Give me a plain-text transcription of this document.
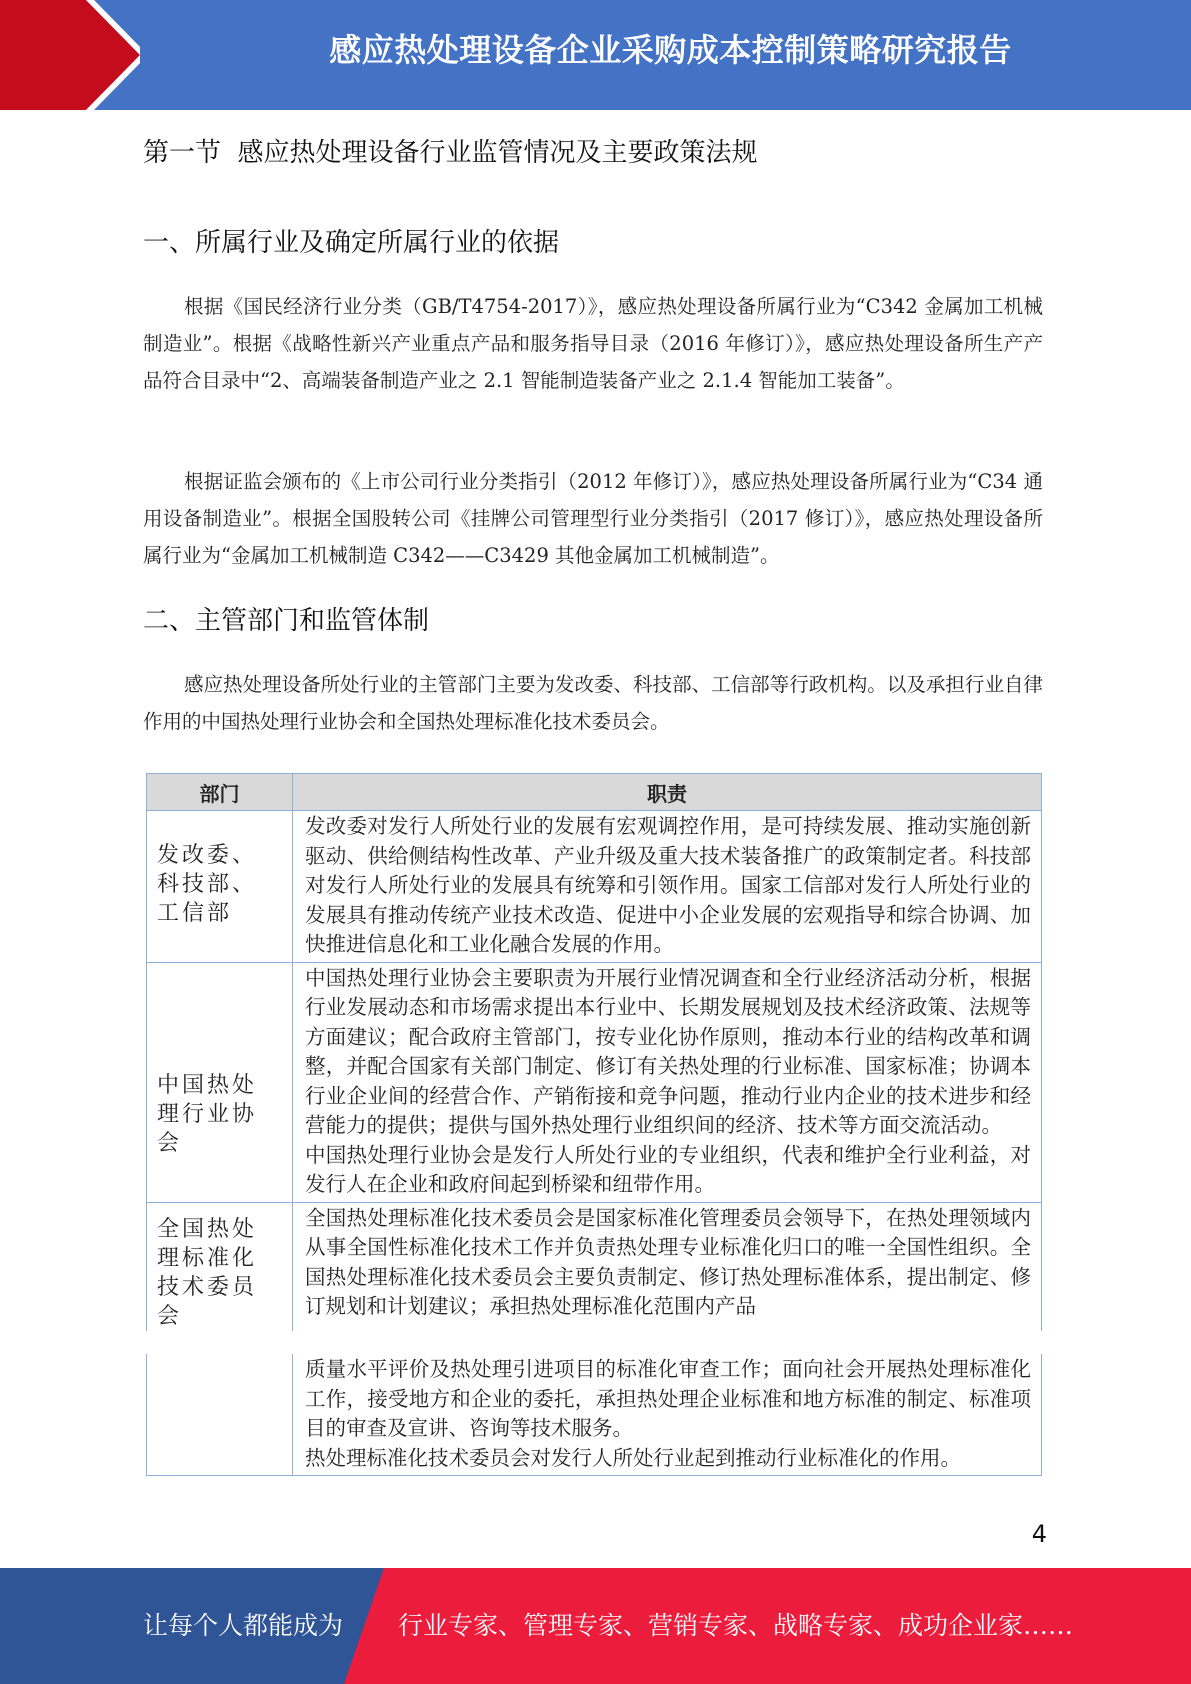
感应热处理设备企业采购成本控制策略研究报告
第一节  感应热处理设备行业监管情况及主要政策法规
一、所属行业及确定所属行业的依据

根据《国民经济行业分类（GB/T4754-2017）》，感应热处理设备所属行业为“C342 金属加工机械制造业”。根据《战略性新兴产业重点产品和服务指导目录（2016 年修订）》，感应热处理设备所生产产品符合目录中“2、高端装备制造产业之 2.1 智能制造装备产业之 2.1.4 智能加工装备”。

根据证监会颁布的《上市公司行业分类指引（2012 年修订）》，感应热处理设备所属行业为“C34 通用设备制造业”。根据全国股转公司《挂牌公司管理型行业分类指引（2017 修订）》，感应热处理设备所属行业为“金属加工机械制造 C342——C3429 其他金属加工机械制造”。

二、主管部门和监管体制

感应热处理设备所处行业的主管部门主要为发改委、科技部、工信部等行政机构。以及承担行业自律作用的中国热处理行业协会和全国热处理标准化技术委员会。

部门	职责
发改委、科技部、工信部	发改委对发行人所处行业的发展有宏观调控作用，是可持续发展、推动实施创新驱动、供给侧结构性改革、产业升级及重大技术装备推广的政策制定者。科技部对发行人所处行业的发展具有统筹和引领作用。国家工信部对发行人所处行业的发展具有推动传统产业技术改造、促进中小企业发展的宏观指导和综合协调、加快推进信息化和工业化融合发展的作用。
中国热处理行业协会	中国热处理行业协会主要职责为开展行业情况调查和全行业经济活动分析，根据行业发展动态和市场需求提出本行业中、长期发展规划及技术经济政策、法规等方面建议；配合政府主管部门，按专业化协作原则，推动本行业的结构改革和调整，并配合国家有关部门制定、修订有关热处理的行业标准、国家标准；协调本行业企业间的经营合作、产销衔接和竞争问题，推动行业内企业的技术进步和经营能力的提供；提供与国外热处理行业组织间的经济、技术等方面交流活动。
中国热处理行业协会是发行人所处行业的专业组织，代表和维护全行业利益，对发行人在企业和政府间起到桥梁和纽带作用。

全国热处理标准化技术委员会	全国热处理标准化技术委员会是国家标准化管理委员会领导下，在热处理领域内从事全国性标准化技术工作并负责热处理专业标准化归口的唯一全国性组织。全国热处理标准化技术委员会主要负责制定、修订热处理标准体系，提出制定、修订规划和计划建议；承担热处理标准化范围内产品

质量水平评价及热处理引进项目的标准化审查工作；面向社会开展热处理标准化工作，接受地方和企业的委托，承担热处理企业标准和地方标准的制定、标准项目的审查及宣讲、咨询等技术服务。
热处理标准化技术委员会对发行人所处行业起到推动行业标准化的作用。
4
让每个人都能成为 行业专家、管理专家、营销专家、战略专家、成功企业家……
